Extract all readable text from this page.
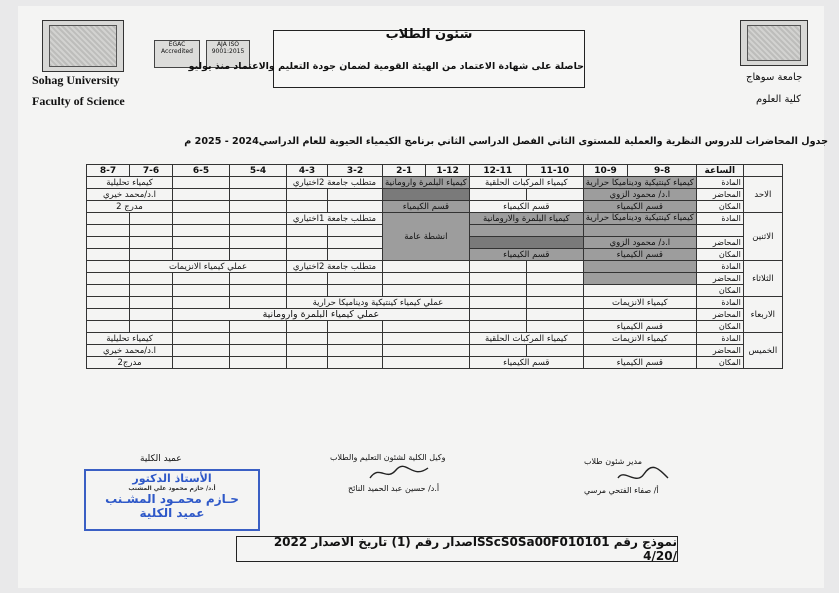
Sohag University
Faculty of Science
EGAC Accredited
AJA ISO 9001:2015
شئون الطلاب
حاصلة على شهادة الاعتماد من الهيئة القومية لضمان جودة التعليم والاعتماد منذ يوليو
جامعة سوهاج
كلية العلوم
جدول المحاضرات للدروس النظرية والعملية للمستوى الثاني الفصل الدراسي الثاني برنامج الكيمياء الحيوية للعام الدراسي2024 - 2025 م
8-7	7-6	6-5	5-4	4-3	3-2	2-1	1-12	12-11	11-10	10-9	9-8	الساعة	
كيمياء تحليلية				متطلب جامعة 2اختياري		كيمياء البلمرة وارومانية		كيمياء المركبات الحلقية		كيمياء كينتيكية وديناميكا حرارية		المادة	الاحد
ا.د/محمد خيري										ا.د/ محمود الزوي		المحاضر	
مدرج 2						قسم الكيمياء		قسم الكيمياء		قسم الكيمياء		المكان	
				متطلب جامعة 1اختياري		انشطة عامة		كيمياء البلمرة والارومانية		كيمياء كينتيكية وديناميكا حرارية		المادة	الاثنين

										ا.د/ محمود الزوي		المحاضر	
								قسم الكيمياء		قسم الكيمياء		المكان	
	عملي كيمياء الانزيمات			متطلب جامعة 2اختياري								المادة	الثلاثاء
												المحاضر	
												المكان	
				عملي كيمياء كينتيكية وديناميكا حرارية						كيمياء الانزيمات		المادة	الاربعاء
		عملي كيمياء البلمرة وارومانية										المحاضر	
										قسم الكيمياء		المكان	
كيمياء تحليلية								كيمياء المركبات الحلقية		كيمياء الانزيمات		المادة	الخميس
ا.د/محمد خيري												المحاضر	
مدرج2								قسم الكيمياء		قسم الكيمياء		المكان	
عميد الكلية	وكيل الكلية لشئون التعليم والطلاب
أ.د/ حسين عبد الحميد النائح
مدير شئون طلاب
أ/ صفاء الفتحي مرسي
الأستاذ الدكتور
أ.د/ حازم محمود علي المشنب
حـازم محمـود المشـنب
عميد الكلية
نموذج رقم SScS0Sa00F010101اصدار رقم (1) تاريخ الاصدار 2022 /4/20
